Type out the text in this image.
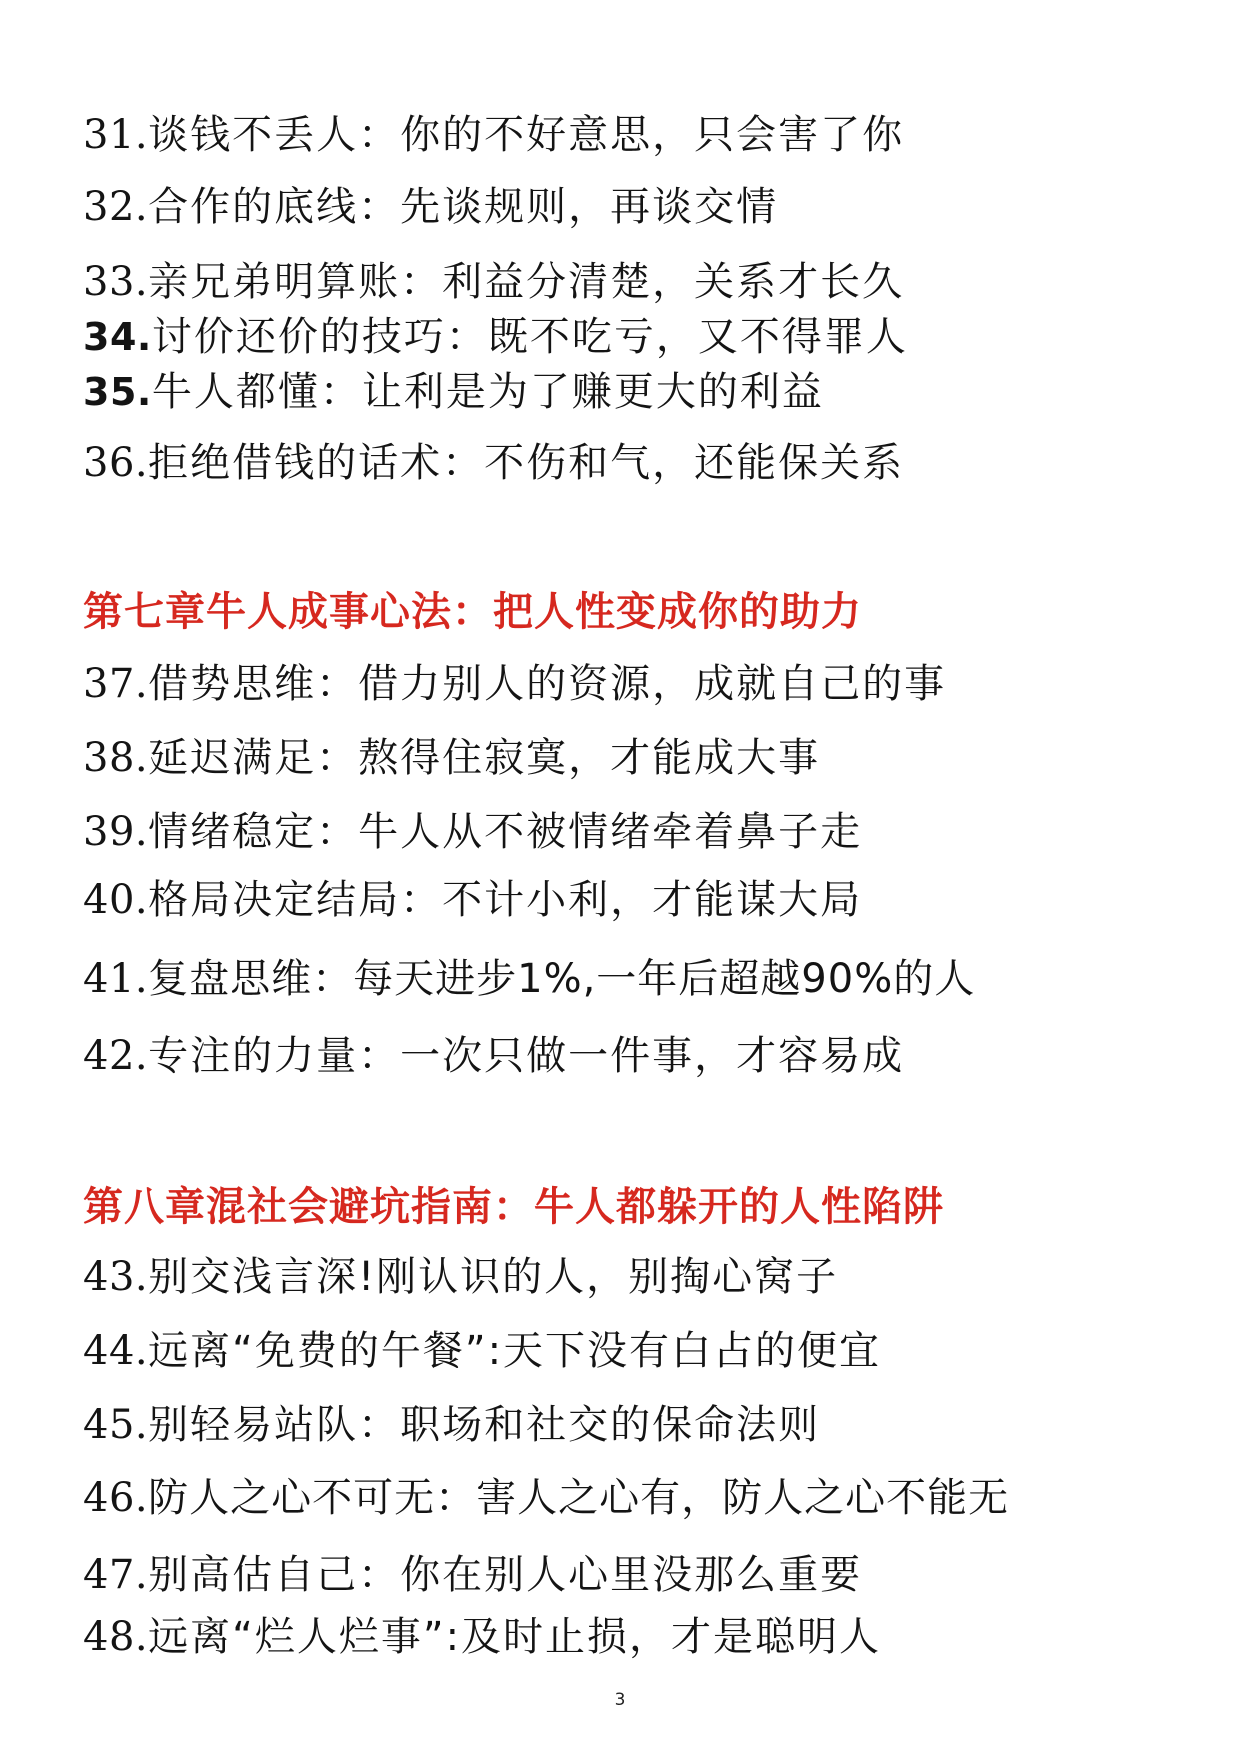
31.谈钱不丢人：你的不好意思，只会害了你
32.合作的底线：先谈规则，再谈交情
33.亲兄弟明算账：利益分清楚，关系才长久
34.讨价还价的技巧：既不吃亏，又不得罪人
35.牛人都懂：让利是为了赚更大的利益
36.拒绝借钱的话术：不伤和气，还能保关系
第七章牛人成事心法：把人性变成你的助力
37.借势思维：借力别人的资源，成就自己的事
38.延迟满足：熬得住寂寞，才能成大事
39.情绪稳定：牛人从不被情绪牵着鼻子走
40.格局决定结局：不计小利，才能谋大局
41.复盘思维：每天进步1%,一年后超越90%的人
42.专注的力量：一次只做一件事，才容易成
第八章混社会避坑指南：牛人都躲开的人性陷阱
43.别交浅言深!刚认识的人，别掏心窝子
44.远离“免费的午餐”:天下没有白占的便宜
45.别轻易站队：职场和社交的保命法则
46.防人之心不可无：害人之心有，防人之心不能无
47.别高估自己：你在别人心里没那么重要
48.远离“烂人烂事”:及时止损，才是聪明人
3
